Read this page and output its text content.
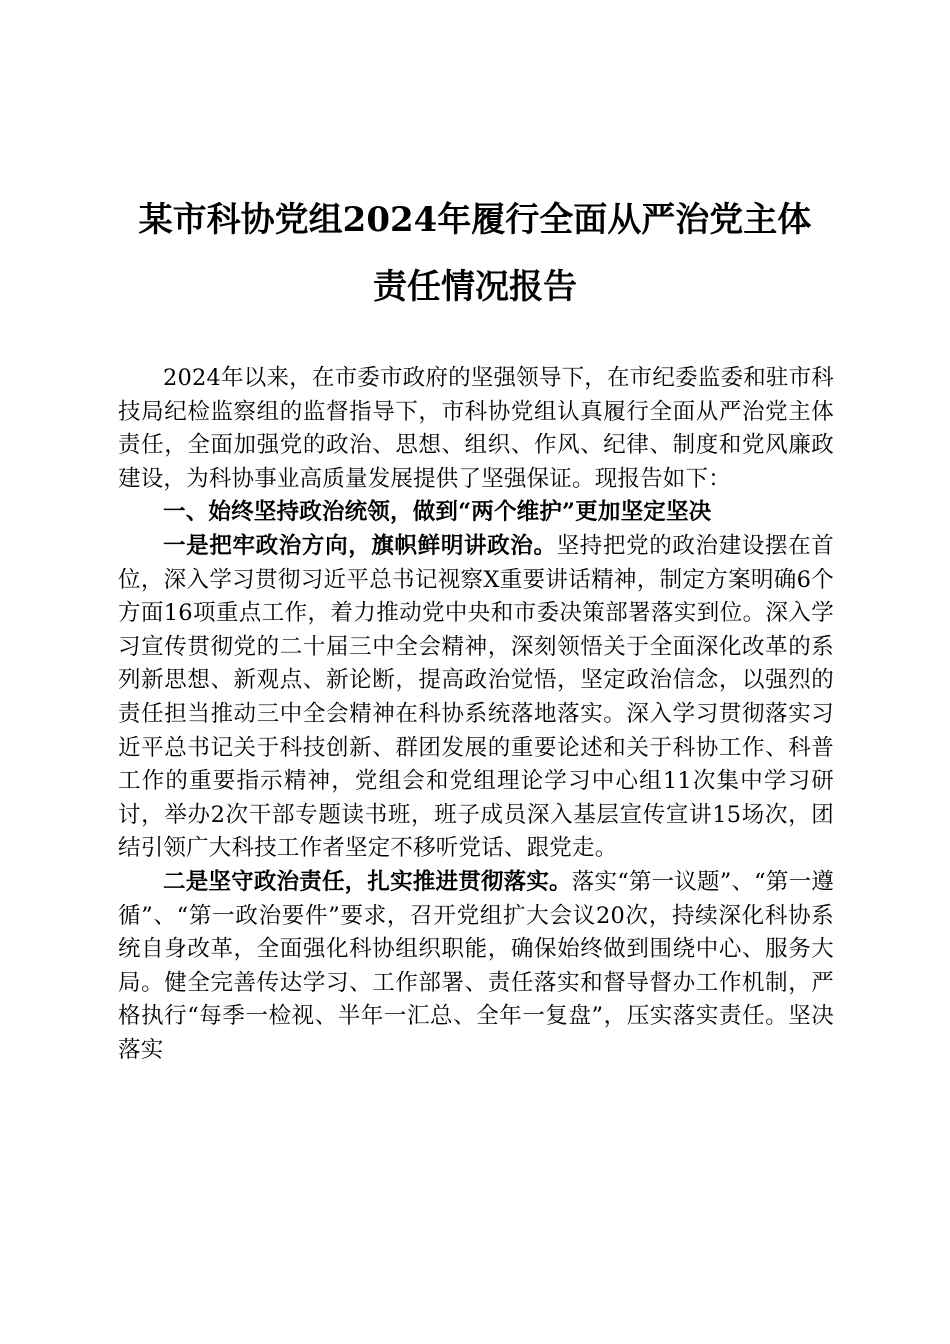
某市科协党组2024年履行全面从严治党主体
责任情况报告

2024年以来，在市委市政府的坚强领导下，在市纪委监委和驻市科技局纪检监察组的监督指导下，市科协党组认真履行全面从严治党主体责任，全面加强党的政治、思想、组织、作风、纪律、制度和党风廉政建设，为科协事业高质量发展提供了坚强保证。现报告如下：

一、始终坚持政治统领，做到“两个维护”更加坚定坚决

一是把牢政治方向，旗帜鲜明讲政治。坚持把党的政治建设摆在首位，深入学习贯彻习近平总书记视察X重要讲话精神，制定方案明确6个方面16项重点工作，着力推动党中央和市委决策部署落实到位。深入学习宣传贯彻党的二十届三中全会精神，深刻领悟关于全面深化改革的系列新思想、新观点、新论断，提高政治觉悟，坚定政治信念，以强烈的责任担当推动三中全会精神在科协系统落地落实。深入学习贯彻落实习近平总书记关于科技创新、群团发展的重要论述和关于科协工作、科普工作的重要指示精神，党组会和党组理论学习中心组11次集中学习研讨，举办2次干部专题读书班，班子成员深入基层宣传宣讲15场次，团结引领广大科技工作者坚定不移听党话、跟党走。

二是坚守政治责任，扎实推进贯彻落实。落实“第一议题”、“第一遵循”、“第一政治要件”要求，召开党组扩大会议20次，持续深化科协系统自身改革，全面强化科协组织职能，确保始终做到围绕中心、服务大局。健全完善传达学习、工作部署、责任落实和督导督办工作机制，严格执行“每季一检视、半年一汇总、全年一复盘”，压实落实责任。坚决落实
